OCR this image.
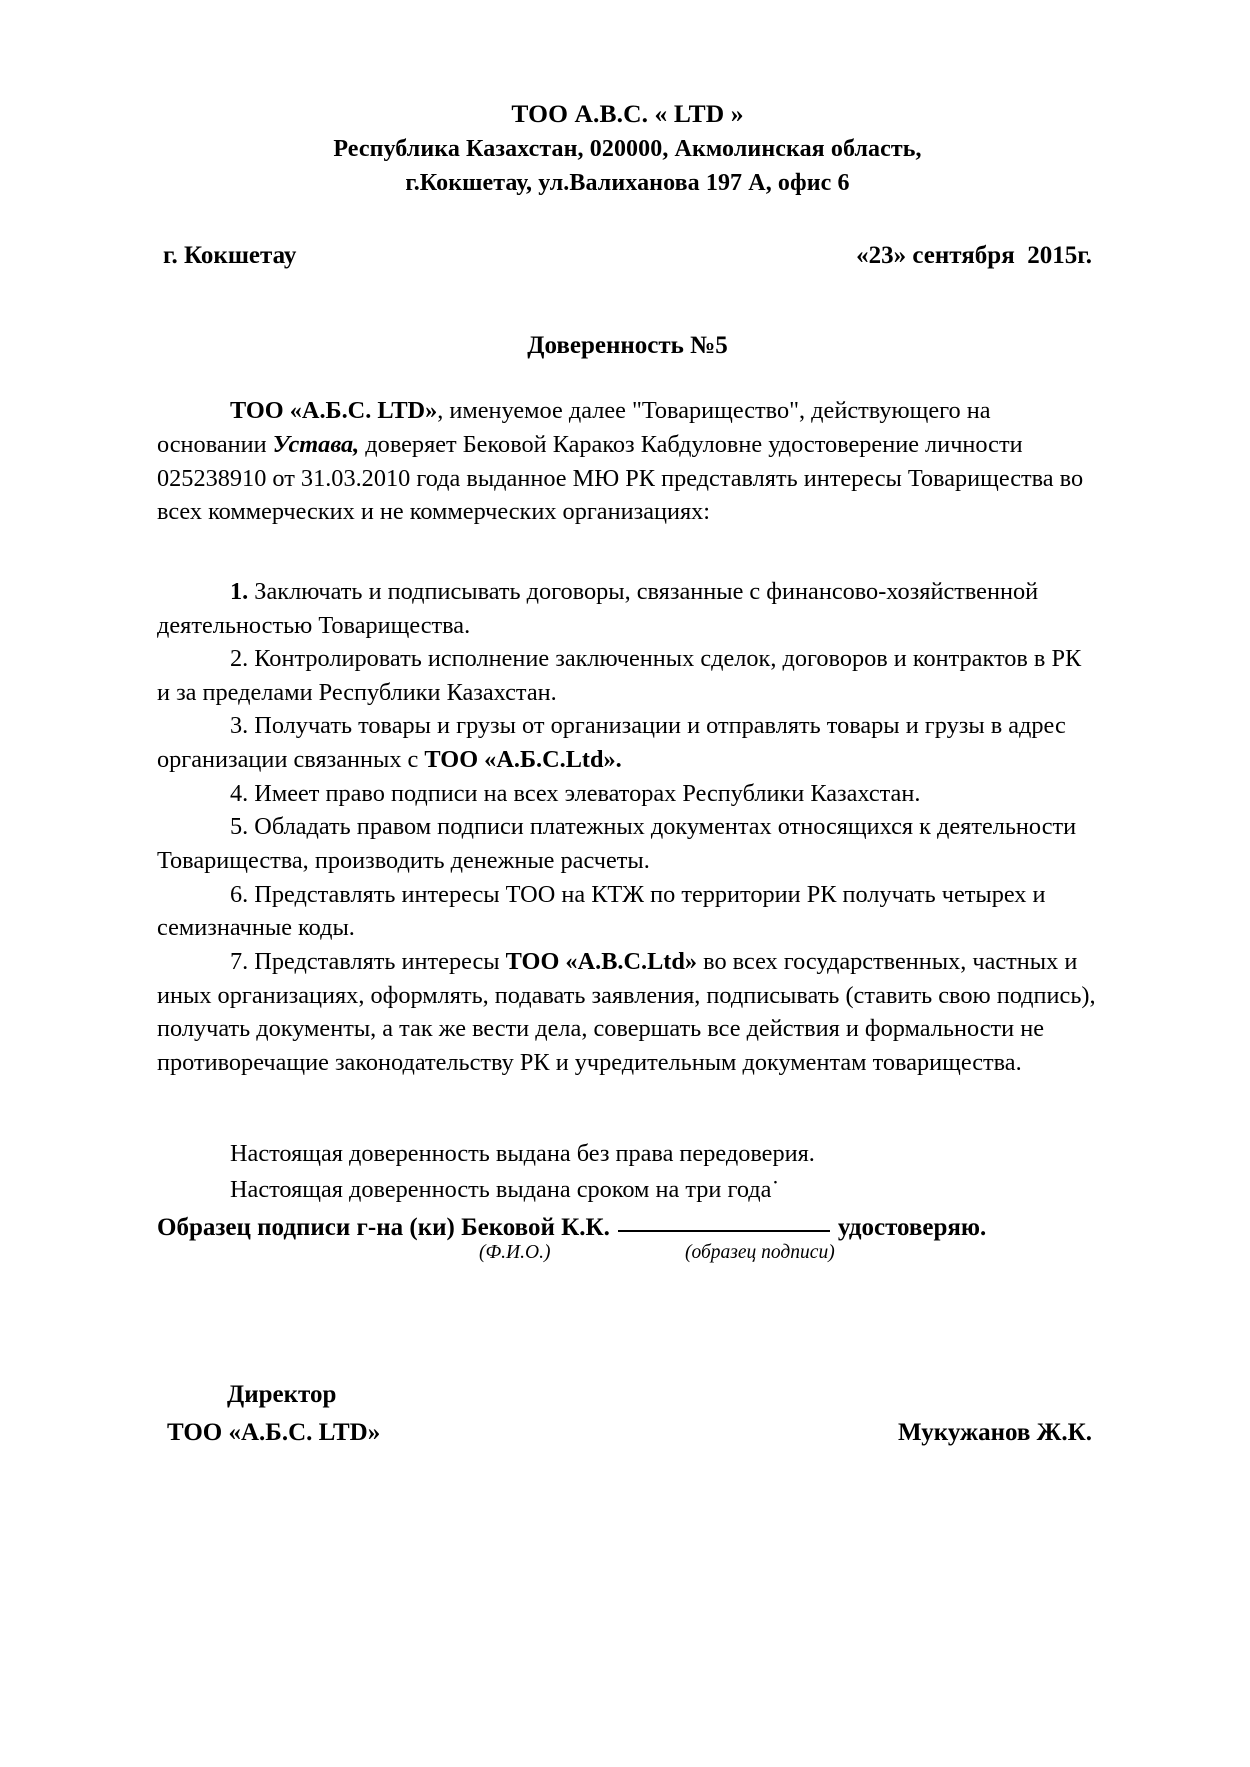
ТОО А.В.С. « LTD »
Республика Казахстан, 020000, Акмолинская область,
г.Кокшетау, ул.Валиханова 197 А, офис 6
г. Кокшетау	«23» сентября  2015г.
Доверенность №5

ТОО «А.Б.С. LTD», именуемое далее "Товарищество", действующего на основании Устава, доверяет Бековой Каракоз Кабдуловне удостоверение личности 025238910 от 31.03.2010 года выданное МЮ РК представлять интересы Товарищества во всех коммерческих и не коммерческих организациях:

1. Заключать и подписывать договоры, связанные с финансово-хозяйственной деятельностью Товарищества.

2. Контролировать исполнение заключенных сделок, договоров и контрактов в РК и за пределами Республики Казахстан.

3. Получать товары и грузы от организации и отправлять товары и грузы в адрес организации связанных с ТОО «А.Б.С.Ltd».

4. Имеет право подписи на всех элеваторах Республики Казахстан.

5. Обладать правом подписи платежных документах относящихся к деятельности Товарищества, производить денежные расчеты.

6. Представлять интересы ТОО на КТЖ по территории РК получать четырех и семизначные коды.

7. Представлять интересы ТОО «A.B.C.Ltd» во всех государственных, частных и иных организациях, оформлять, подавать заявления, подписывать (ставить свою подпись), получать документы, а так же вести дела, совершать все действия и формальности не противоречащие законодательству РК и учредительным документам товарищества.

Настоящая доверенность выдана без права передоверия.

Настоящая доверенность выдана сроком на три года˙

Образец подписи г-на (ки) Бековой К.К.	удостоверяю.
(Ф.И.О.)	(образец подписи)
Директор
ТОО «А.Б.С. LTD»	Мукужанов Ж.К.
